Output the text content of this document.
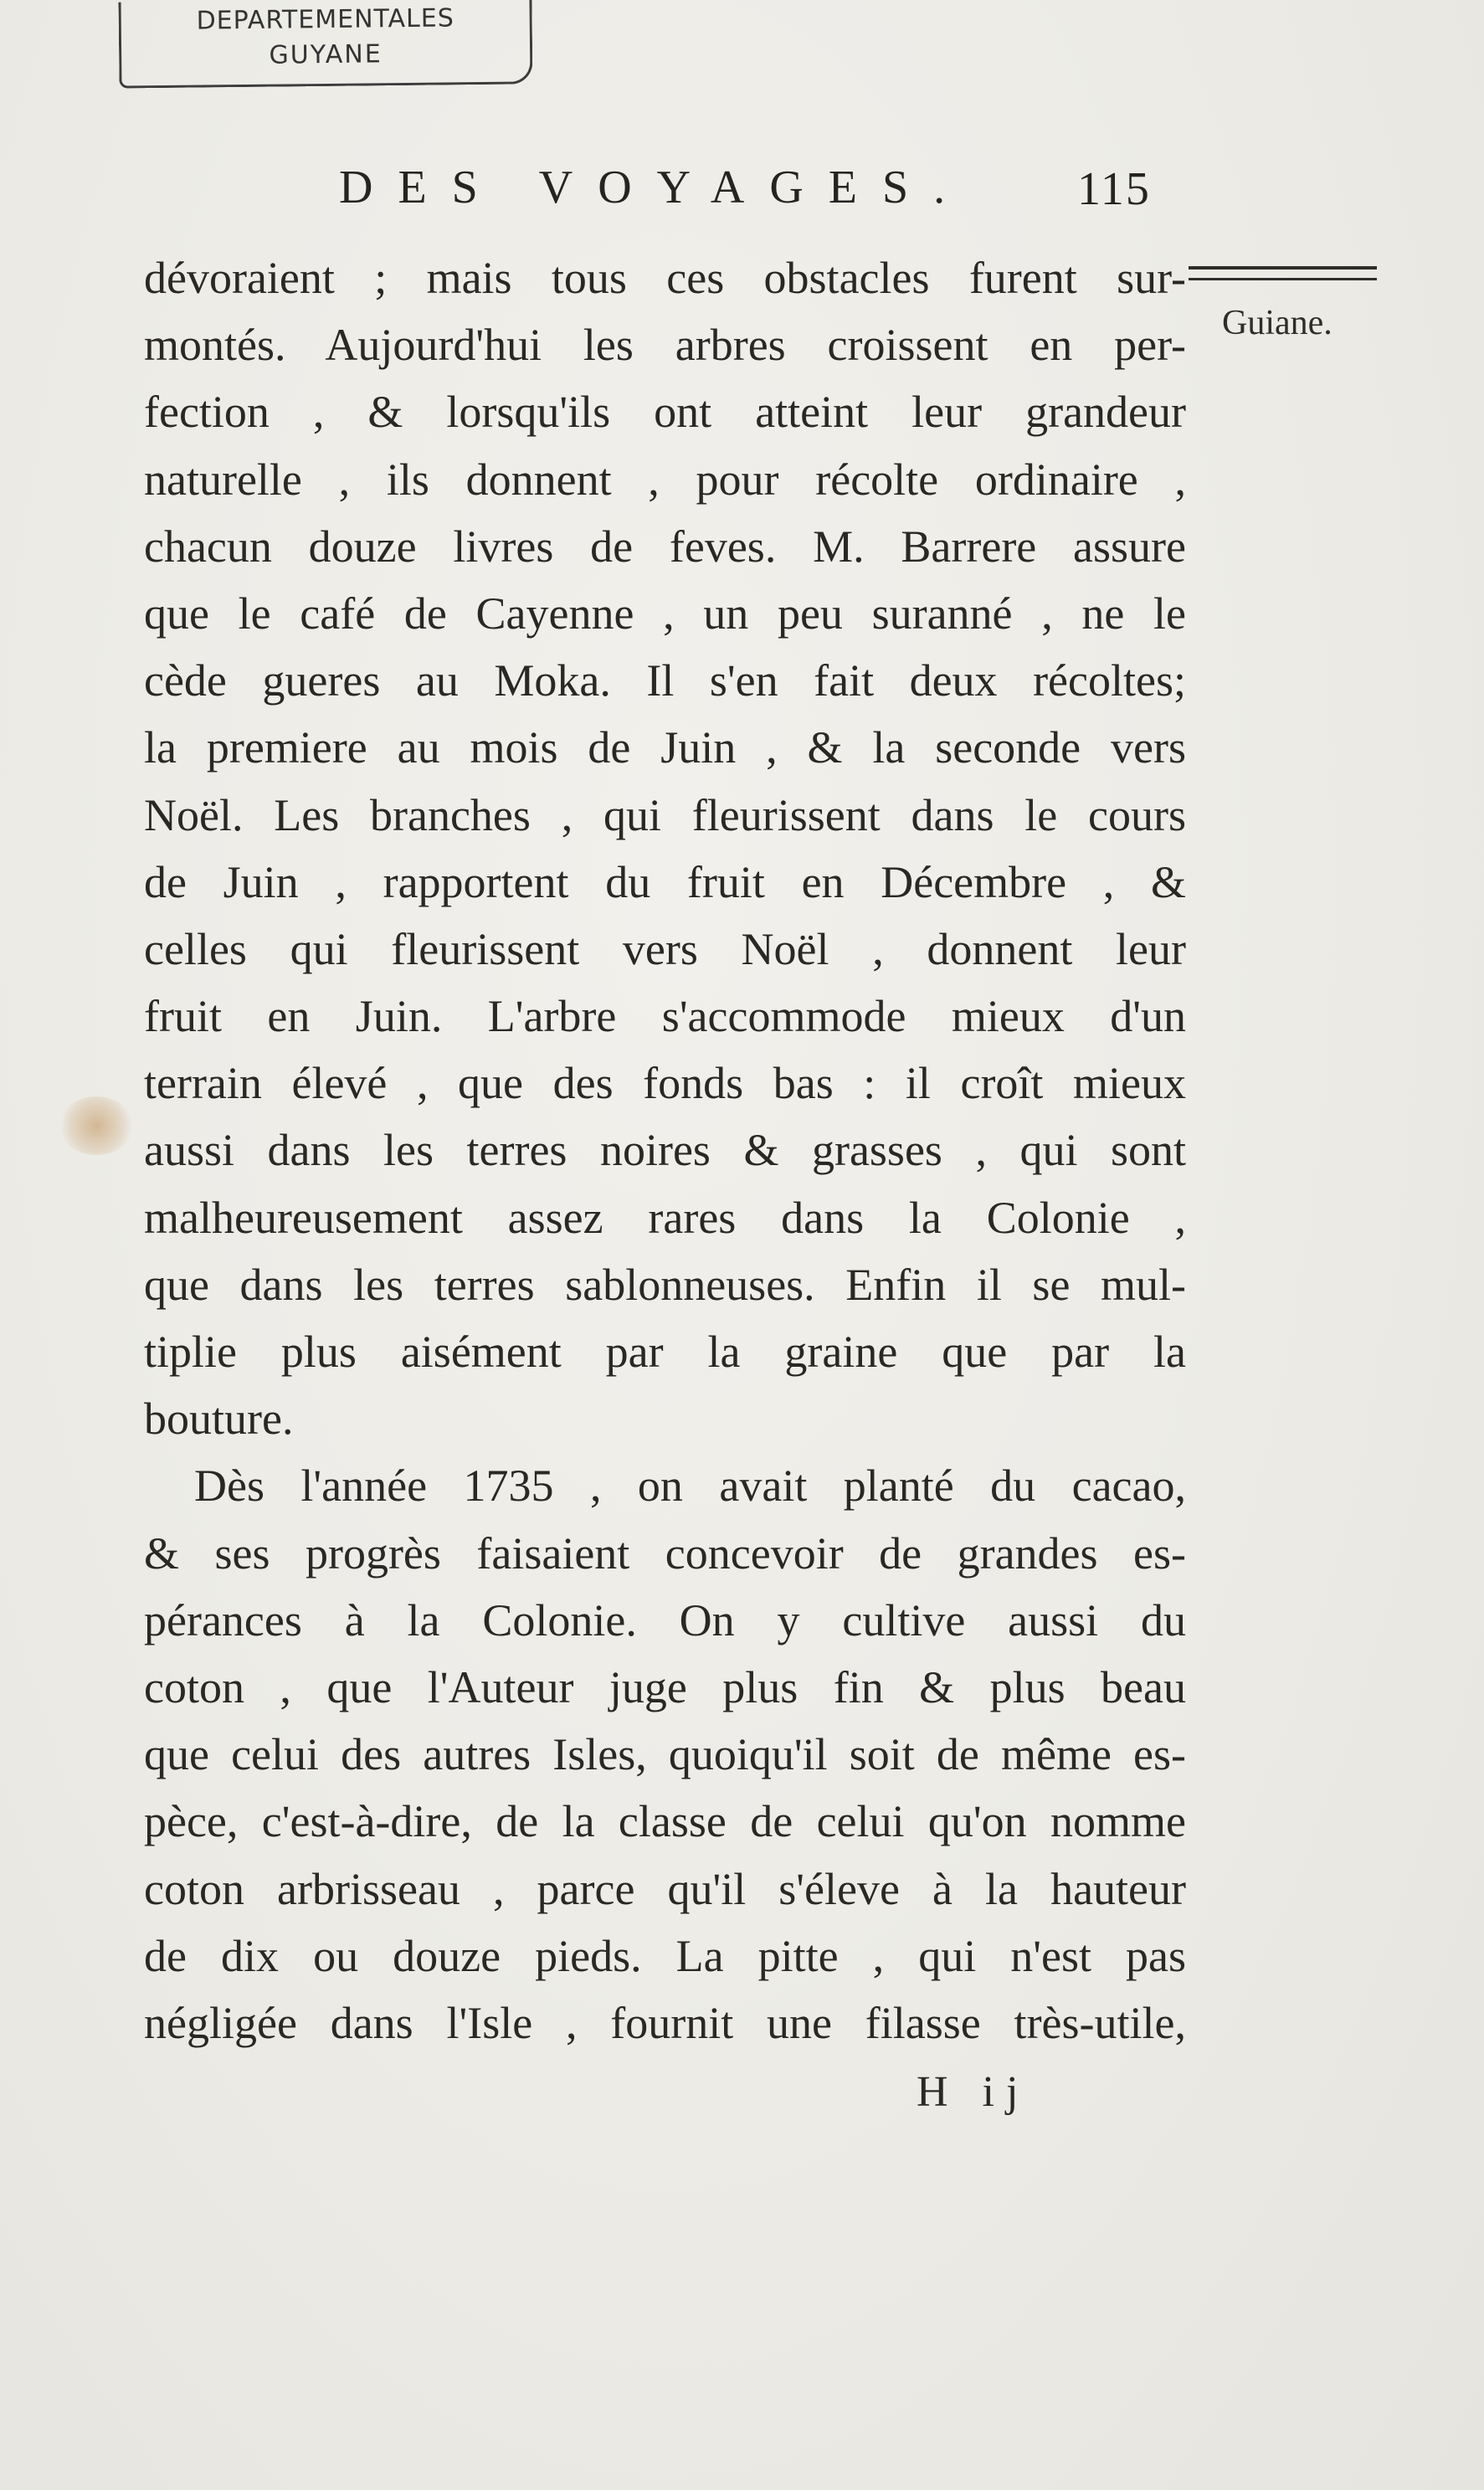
DEPARTEMENTALES
GUYANE
DES VOYAGES. 115
Guiane.
dévoraient ; mais tous ces obstacles furent sur-
montés. Aujourd'hui les arbres croissent en per-
fection , & lorsqu'ils ont atteint leur grandeur
naturelle , ils donnent , pour récolte ordinaire ,
chacun douze livres de feves. M. Barrere assure
que le café de Cayenne , un peu suranné , ne le
cède gueres au Moka. Il s'en fait deux récoltes;
la premiere au mois de Juin , & la seconde vers
Noël. Les branches , qui fleurissent dans le cours
de Juin , rapportent du fruit en Décembre , &
celles qui fleurissent vers Noël , donnent leur
fruit en Juin. L'arbre s'accommode mieux d'un
terrain élevé , que des fonds bas : il croît mieux
aussi dans les terres noires & grasses , qui sont
malheureusement assez rares dans la Colonie ,
que dans les terres sablonneuses. Enfin il se mul-
tiplie plus aisément par la graine que par la
bouture.
Dès l'année 1735 , on avait planté du cacao,
& ses progrès faisaient concevoir de grandes es-
pérances à la Colonie. On y cultive aussi du
coton , que l'Auteur juge plus fin & plus beau
que celui des autres Isles, quoiqu'il soit de même es-
pèce, c'est-à-dire, de la classe de celui qu'on nomme
coton arbrisseau , parce qu'il s'éleve à la hauteur
de dix ou douze pieds. La pitte , qui n'est pas
négligée dans l'Isle , fournit une filasse très-utile,
H ij
